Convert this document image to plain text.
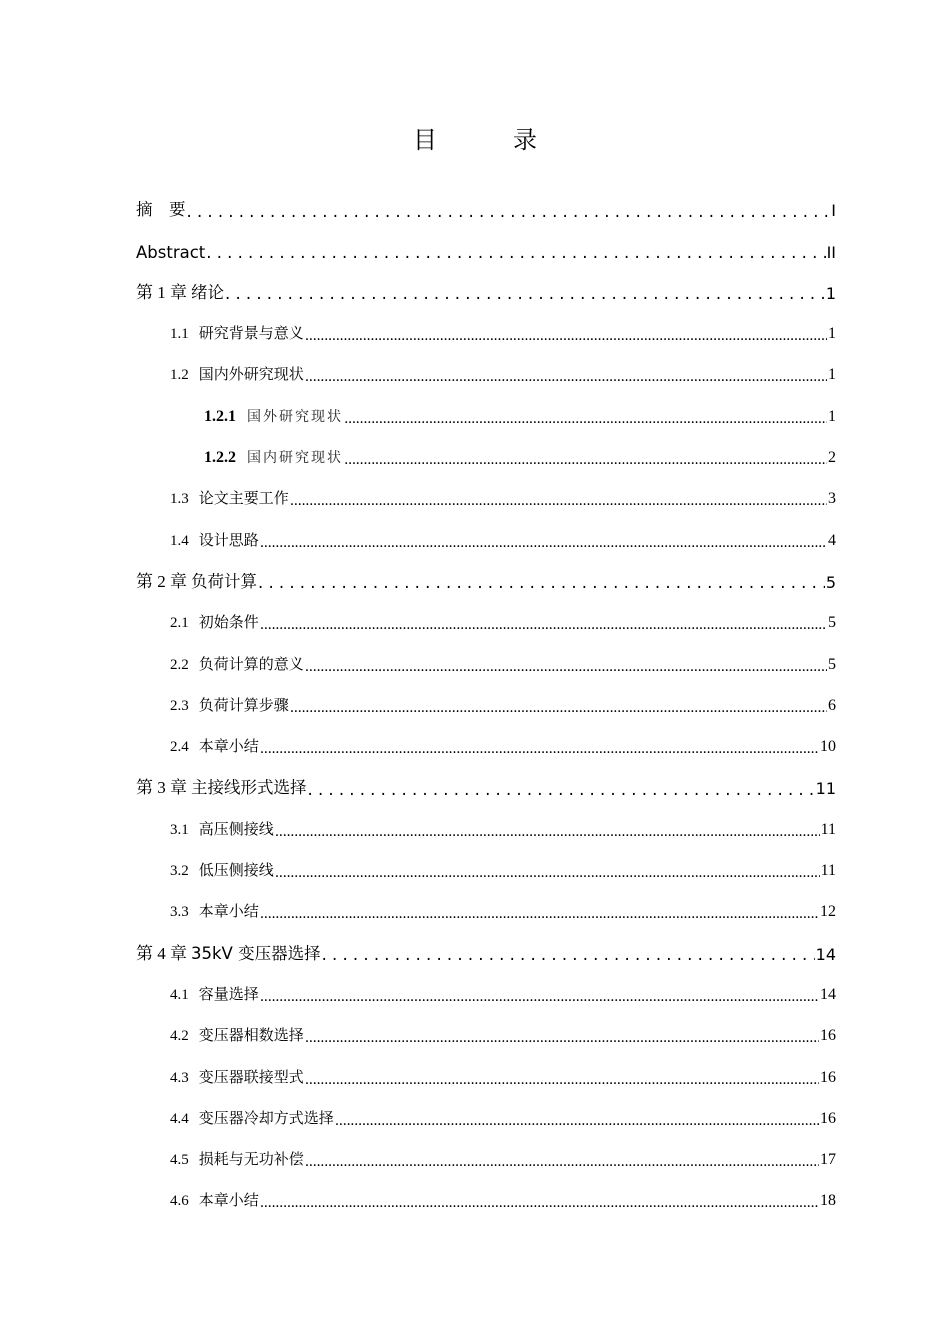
目　录
摘　要 .....	I
Abstract .....	II
第 1 章 绪论 .....	1
1.1 研究背景与意义 .....	1
1.2 国内外研究现状 .....	1
1.2.1 国外研究现状 .....	1
1.2.2 国内研究现状 .....	2
1.3 论文主要工作 .....	3
1.4 设计思路 .....	4
第 2 章 负荷计算 .....	5
2.1 初始条件 .....	5
2.2 负荷计算的意义 .....	5
2.3 负荷计算步骤 .....	6
2.4 本章小结 .....	10
第 3 章 主接线形式选择 .....	11
3.1 高压侧接线 .....	11
3.2 低压侧接线 .....	11
3.3 本章小结 .....	12
第 4 章 35kV 变压器选择 .....	14
4.1 容量选择 .....	14
4.2 变压器相数选择 .....	16
4.3 变压器联接型式 .....	16
4.4 变压器冷却方式选择 .....	16
4.5 损耗与无功补偿 .....	17
4.6 本章小结 .....	18
